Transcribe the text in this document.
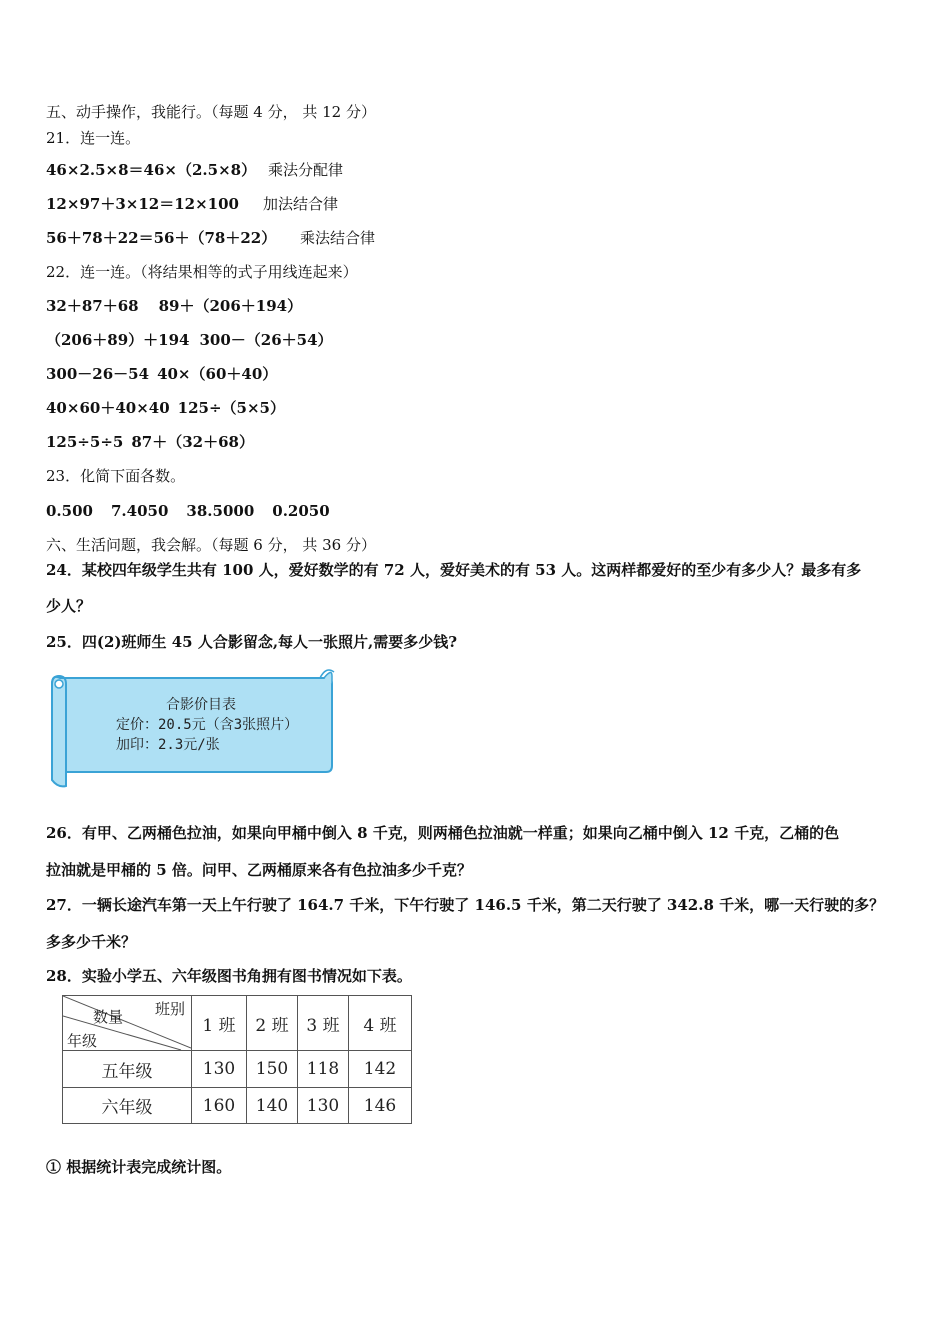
五、动手操作，我能行。（每题 4 分， 共 12 分）
21．连一连。
46×2.5×8＝46×（2.5×8） 乘法分配律
12×97＋3×12＝12×100 加法结合律
56＋78＋22＝56＋（78＋22） 乘法结合律
22．连一连。（将结果相等的式子用线连起来）
32＋87＋68 89＋（206＋194）
（206＋89）＋194 300－（26＋54）
300－26－54 40×（60＋40）
40×60＋40×40 125÷（5×5）
125÷5÷5 87＋（32＋68）
23．化简下面各数。
0.500 7.4050 38.5000 0.2050
六、生活问题，我会解。（每题 6 分， 共 36 分）
24．某校四年级学生共有 100 人，爱好数学的有 72 人，爱好美术的有 53 人。这两样都爱好的至少有多少人？最多有多
少人？
25．四(2)班师生 45 人合影留念,每人一张照片,需要多少钱?
合影价目表
定价：20.5元（含3张照片）
加印：2.3元/张
26．有甲、乙两桶色拉油，如果向甲桶中倒入 8 千克，则两桶色拉油就一样重；如果向乙桶中倒入 12 千克，乙桶的色
拉油就是甲桶的 5 倍。问甲、乙两桶原来各有色拉油多少千克？
27．一辆长途汽车第一天上午行驶了 164.7 千米，下午行驶了 146.5 千米，第二天行驶了 342.8 千米，哪一天行驶的多？
多多少千米？
28．实验小学五、六年级图书角拥有图书情况如下表。
班别
数量
年级	1 班	2 班	3 班	4 班
五年级	130	150	118	142
六年级	160	140	130	146
① 根据统计表完成统计图。
